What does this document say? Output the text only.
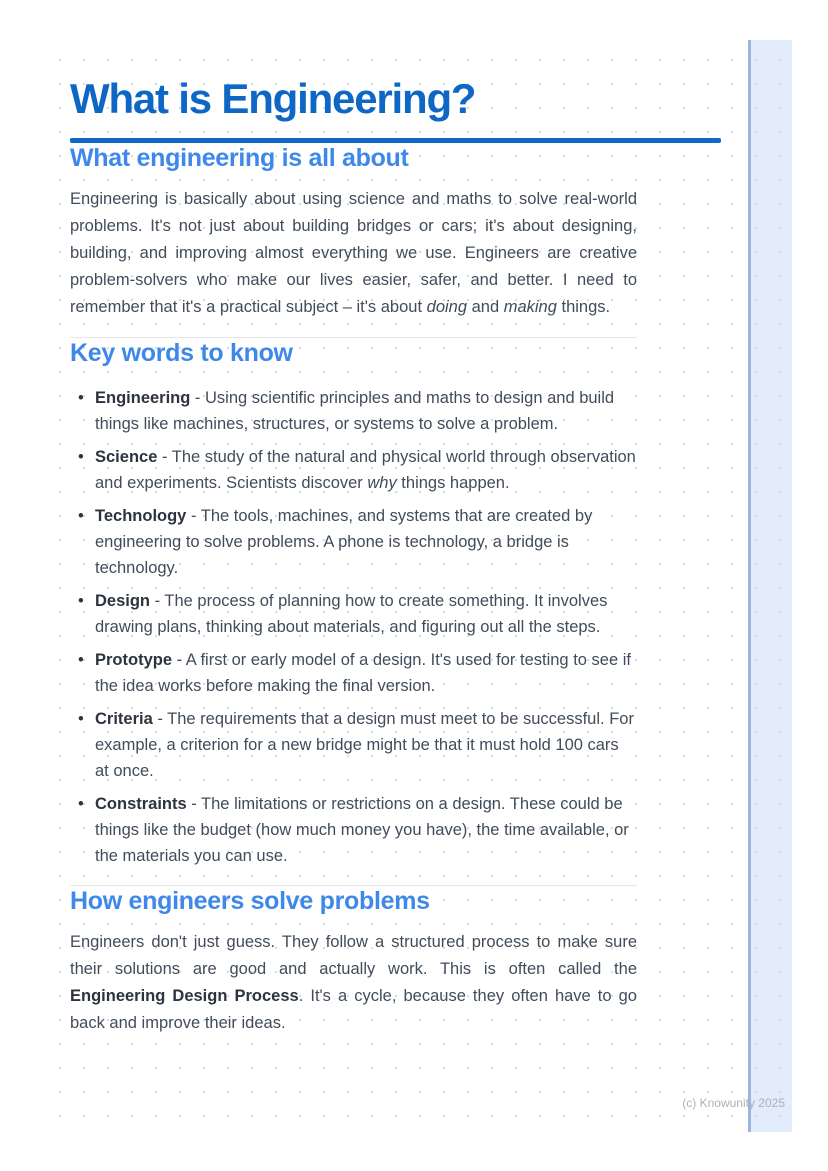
What is Engineering?
What engineering is all about

Engineering is basically about using science and maths to solve real-world problems. It's not just about building bridges or cars; it's about designing, building, and improving almost everything we use. Engineers are creative problem-solvers who make our lives easier, safer, and better. I need to remember that it's a practical subject – it's about doing and making things.

Key words to know
• Engineering - Using scientific principles and maths to design and build things like machines, structures, or systems to solve a problem.
• Science - The study of the natural and physical world through observation and experiments. Scientists discover why things happen.
• Technology - The tools, machines, and systems that are created by engineering to solve problems. A phone is technology, a bridge is technology.
• Design - The process of planning how to create something. It involves drawing plans, thinking about materials, and figuring out all the steps.
• Prototype - A first or early model of a design. It's used for testing to see if the idea works before making the final version.
• Criteria - The requirements that a design must meet to be successful. For example, a criterion for a new bridge might be that it must hold 100 cars at once.
• Constraints - The limitations or restrictions on a design. These could be things like the budget (how much money you have), the time available, or the materials you can use.
How engineers solve problems

Engineers don't just guess. They follow a structured process to make sure their solutions are good and actually work. This is often called the Engineering Design Process. It's a cycle, because they often have to go back and improve their ideas.

(c) Knowunity 2025
